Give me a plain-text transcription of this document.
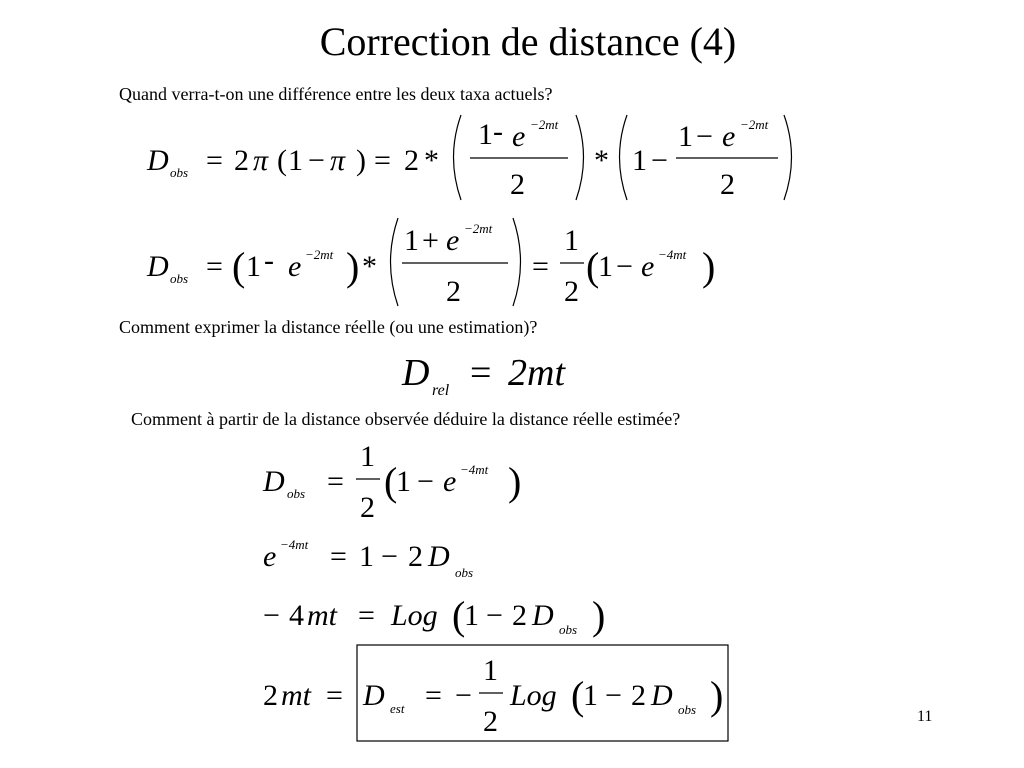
Correction de distance (4)
Quand verra-t-on une différence entre les deux taxa actuels?
D obs = 2 π ( 1 − π ) = 2 *
1 - e −2mt
2
* 1 −
1 − e −2mt
2
D obs = ( 1 - e −2mt ) *
1 + e −2mt
2
=
1
2
(
1 − e −4mt )
Comment exprimer la distance réelle (ou une estimation)?
D rel = 2mt
Comment à partir de la distance observée déduire la distance réelle estimée?
D obs =
1
2
(
1 − e −4mt )
e −4mt = 1 − 2 D obs
− 4 mt = Log (
1 − 2 D obs )
2 mt = D est = −
1
2
Log (
1 − 2 D obs )	11
